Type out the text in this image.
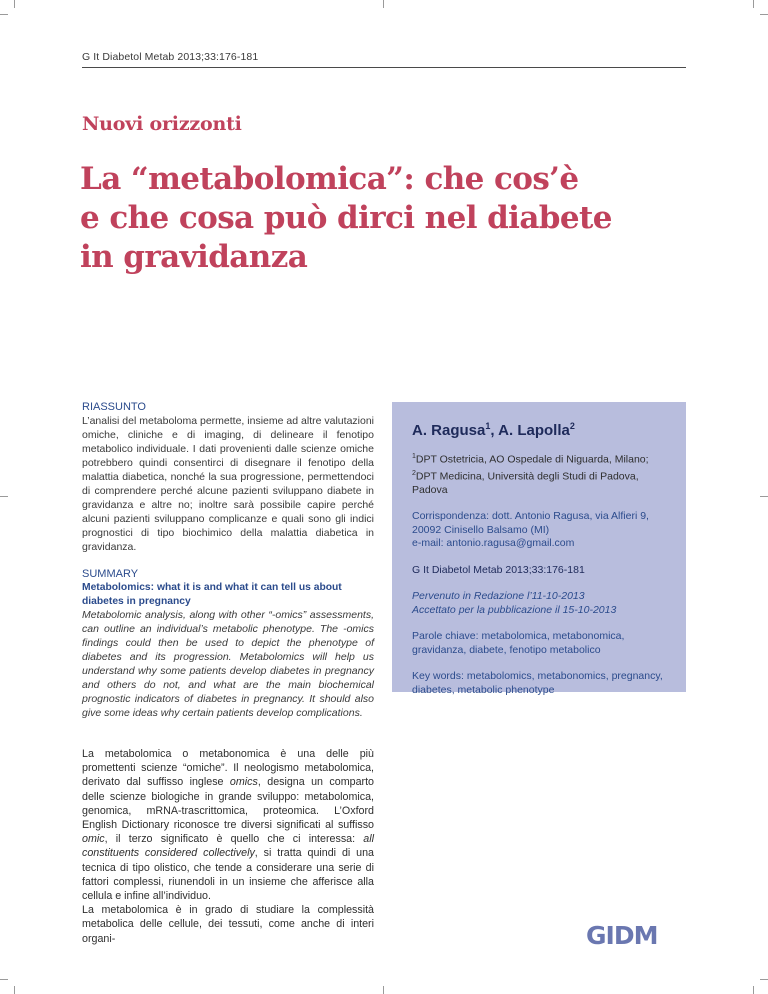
G It Diabetol Metab 2013;33:176-181
Nuovi orizzonti
La “metabolomica”: che cos’è
e che cosa può dirci nel diabete
in gravidanza

RIASSUNTO

L’analisi del metaboloma permette, insieme ad altre valutazioni omiche, cliniche e di imaging, di delineare il fenotipo metabolico individuale. I dati provenienti dalle scienze omiche potrebbero quindi consentirci di disegnare il fenotipo della malattia diabetica, nonché la sua progressione, permettendoci di comprendere perché alcune pazienti sviluppano diabete in gravidanza e altre no; inoltre sarà possibile capire perché alcuni pazienti sviluppano complicanze e quali sono gli indici prognostici di tipo biochimico della malattia diabetica in gravidanza.

SUMMARY

Metabolomics: what it is and what it can tell us about diabetes in pregnancy

Metabolomic analysis, along with other “-omics” assessments, can outline an individual’s metabolic phenotype. The -omics findings could then be used to depict the phenotype of diabetes and its progression. Metabolomics will help us understand why some patients develop diabetes in pregnancy and others do not, and what are the main biochemical prognostic indicators of diabetes in pregnancy. It should also give some ideas why certain patients develop complications.

La metabolomica o metabonomica è una delle più promettenti scienze “omiche”. Il neologismo metabolomica, derivato dal suffisso inglese omics, designa un comparto delle scienze biologiche in grande sviluppo: metabolomica, genomica, mRNA-trascrittomica, proteomica. L’Oxford English Dictionary riconosce tre diversi significati al suffisso omic, il terzo significato è quello che ci interessa: all constituents considered collectively, si tratta quindi di una tecnica di tipo olistico, che tende a considerare una serie di fattori complessi, riunendoli in un insieme che afferisce alla cellula e infine all’individuo.

La metabolomica è in grado di studiare la complessità metabolica delle cellule, dei tessuti, come anche di interi organi-

A. Ragusa$^1$, A. Lapolla$^2$

$^1$DPT Ostetricia, AO Ospedale di Niguarda, Milano;

$^2$DPT Medicina, Università degli Studi di Padova, Padova

Corrispondenza: dott. Antonio Ragusa, via Alfieri 9,
20092 Cinisello Balsamo (MI)
e-mail: antonio.ragusa@gmail.com

G It Diabetol Metab 2013;33:176-181

Pervenuto in Redazione l’11-10-2013
Accettato per la pubblicazione il 15-10-2013

Parole chiave: metabolomica, metabonomica, gravidanza, diabete, fenotipo metabolico

Key words: metabolomics, metabonomics, pregnancy, diabetes, metabolic phenotype

GIDM
